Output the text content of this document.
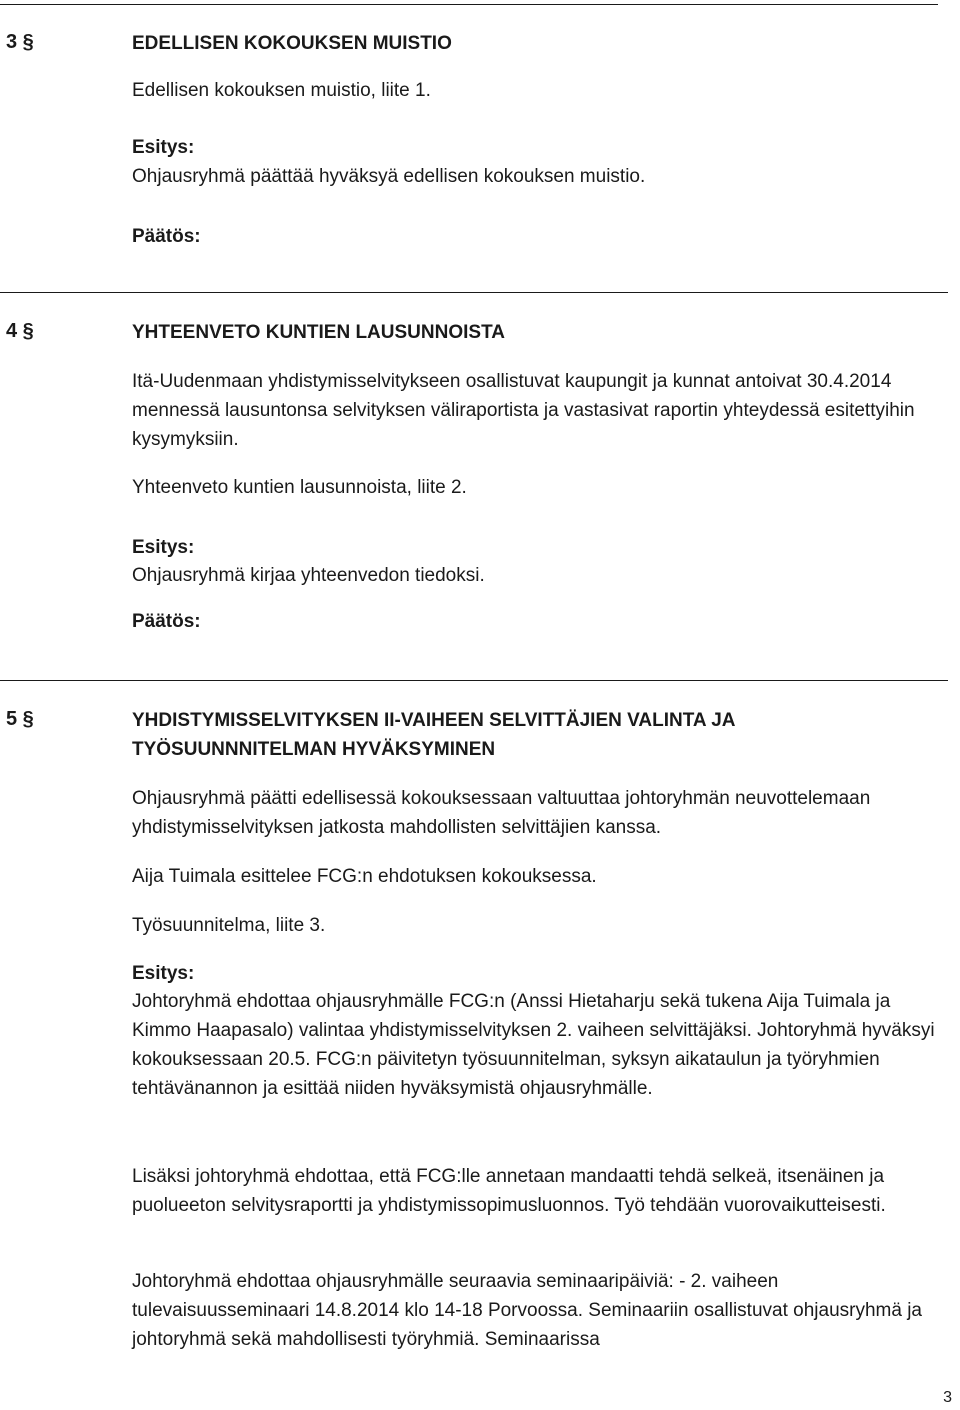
3 §	EDELLISEN KOKOUKSEN MUISTIO

Edellisen kokouksen muistio, liite 1.

Esitys:

Ohjausryhmä päättää hyväksyä edellisen kokouksen muistio.

Päätös:

4 §	YHTEENVETO KUNTIEN LAUSUNNOISTA

Itä-Uudenmaan yhdistymisselvitykseen osallistuvat kaupungit ja kunnat antoivat 30.4.2014 mennessä lausuntonsa selvityksen väliraportista ja vastasivat raportin yhteydessä esitettyihin kysymyksiin.

Yhteenveto kuntien lausunnoista, liite 2.

Esitys:

Ohjausryhmä kirjaa yhteenvedon tiedoksi.

Päätös:

5 §	YHDISTYMISSELVITYKSEN II-VAIHEEN SELVITTÄJIEN VALINTA JA TYÖSUUNNNITELMAN HYVÄKSYMINEN

Ohjausryhmä päätti edellisessä kokouksessaan valtuuttaa johtoryhmän neuvottelemaan yhdistymisselvityksen jatkosta mahdollisten selvittäjien kanssa.

Aija Tuimala esittelee FCG:n ehdotuksen kokouksessa.

Työsuunnitelma, liite 3.

Esitys:

Johtoryhmä ehdottaa ohjausryhmälle FCG:n (Anssi Hietaharju sekä tukena Aija Tuimala ja Kimmo Haapasalo) valintaa yhdistymisselvityksen 2. vaiheen selvittäjäksi. Johtoryhmä hyväksyi kokouksessaan 20.5. FCG:n päivitetyn työsuunnitelman, syksyn aikataulun ja työryhmien tehtävänannon ja esittää niiden hyväksymistä ohjausryhmälle.

Lisäksi johtoryhmä ehdottaa, että FCG:lle annetaan mandaatti tehdä selkeä, itsenäinen ja puolueeton selvitysraportti ja yhdistymissopimusluonnos. Työ tehdään vuorovaikutteisesti.

Johtoryhmä ehdottaa ohjausryhmälle seuraavia seminaaripäiviä: - 2. vaiheen tulevaisuusseminaari 14.8.2014 klo 14-18 Porvoossa. Seminaariin osallistuvat ohjausryhmä ja johtoryhmä sekä mahdollisesti työryhmiä. Seminaarissa

3
